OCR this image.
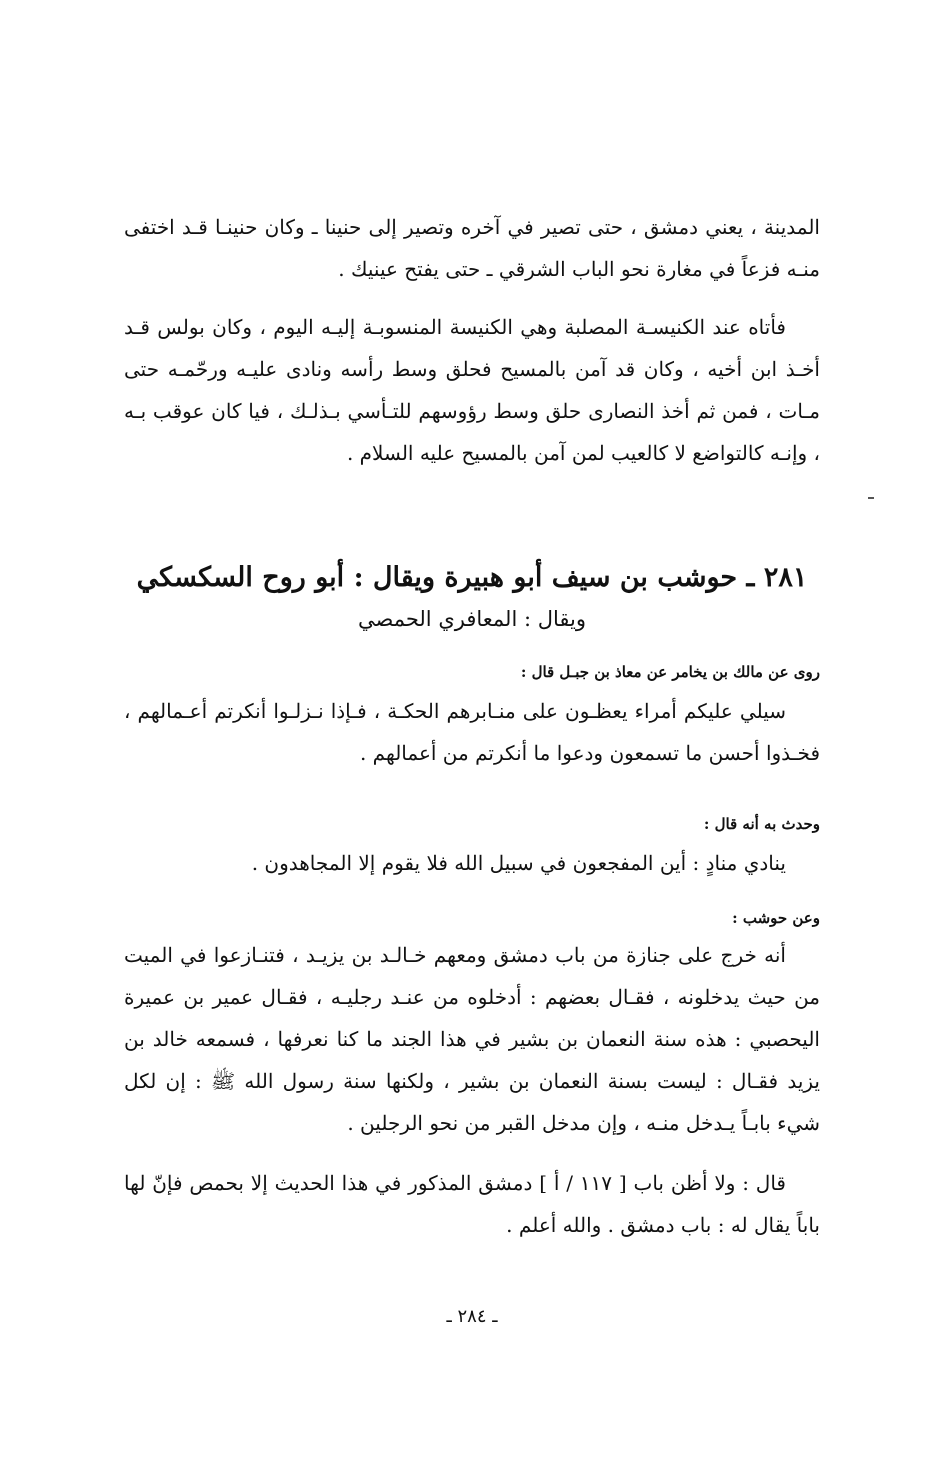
المدينة ، يعني دمشق ، حتى تصير في آخره وتصير إلى حنينا ـ وكان حنينـا قـد اختفى منـه فزعاً في مغارة نحو الباب الشرقي ـ حتى يفتح عينيك .

فأتاه عند الكنيسـة المصلبة وهي الكنيسة المنسوبـة إليـه اليوم ، وكان بولس قـد أخـذ ابن أخيه ، وكان قد آمن بالمسيح فحلق وسط رأسه ونادى عليـه ورحّمـه حتى مـات ، فمن ثم أخذ النصارى حلق وسط رؤوسهم للتـأسي بـذلـك ، فيا كان عوقب بـه ، وإنـه كالتواضع لا كالعيب لمن آمن بالمسيح عليه السلام .

٢٨١ ـ حوشب بن سيف أبو هبيرة ويقال : أبو روح السكسكي
ويقال : المعافري الحمصي
روى عن مالك بن يخامر عن معاذ بن جبـل قال :

سيلي عليكم أمراء يعظـون على منـابرهم الحكـة ، فـإذا نـزلـوا أنكرتم أعـمالهم ، فخـذوا أحسن ما تسمعون ودعوا ما أنكرتم من أعمالهم .

وحدث به أنه قال :

ينادي منادٍ : أين المفجعون في سبيل الله فلا يقوم إلا المجاهدون .

وعن حوشب :

أنه خرج على جنازة من باب دمشق ومعهم خـالـد بن يزيـد ، فتنـازعوا في الميت من حيث يدخلونه ، فقـال بعضهم : أدخلوه من عنـد رجليـه ، فقـال عمير بن عميرة اليحصبي : هذه سنة النعمان بن بشير في هذا الجند ما كنا نعرفها ، فسمعه خالد بن يزيد فقـال : ليست بسنة النعمان بن بشير ، ولكنها سنة رسول الله ﷺ : إن لكل شيء بابـاً يـدخل منـه ، وإن مدخل القبر من نحو الرجلين .

قال : ولا أظن باب [ ١١٧ / أ ] دمشق المذكور في هذا الحديث إلا بحمص فإنّ لها باباً يقال له : باب دمشق . والله أعلم .

ـ ٢٨٤ ـ
